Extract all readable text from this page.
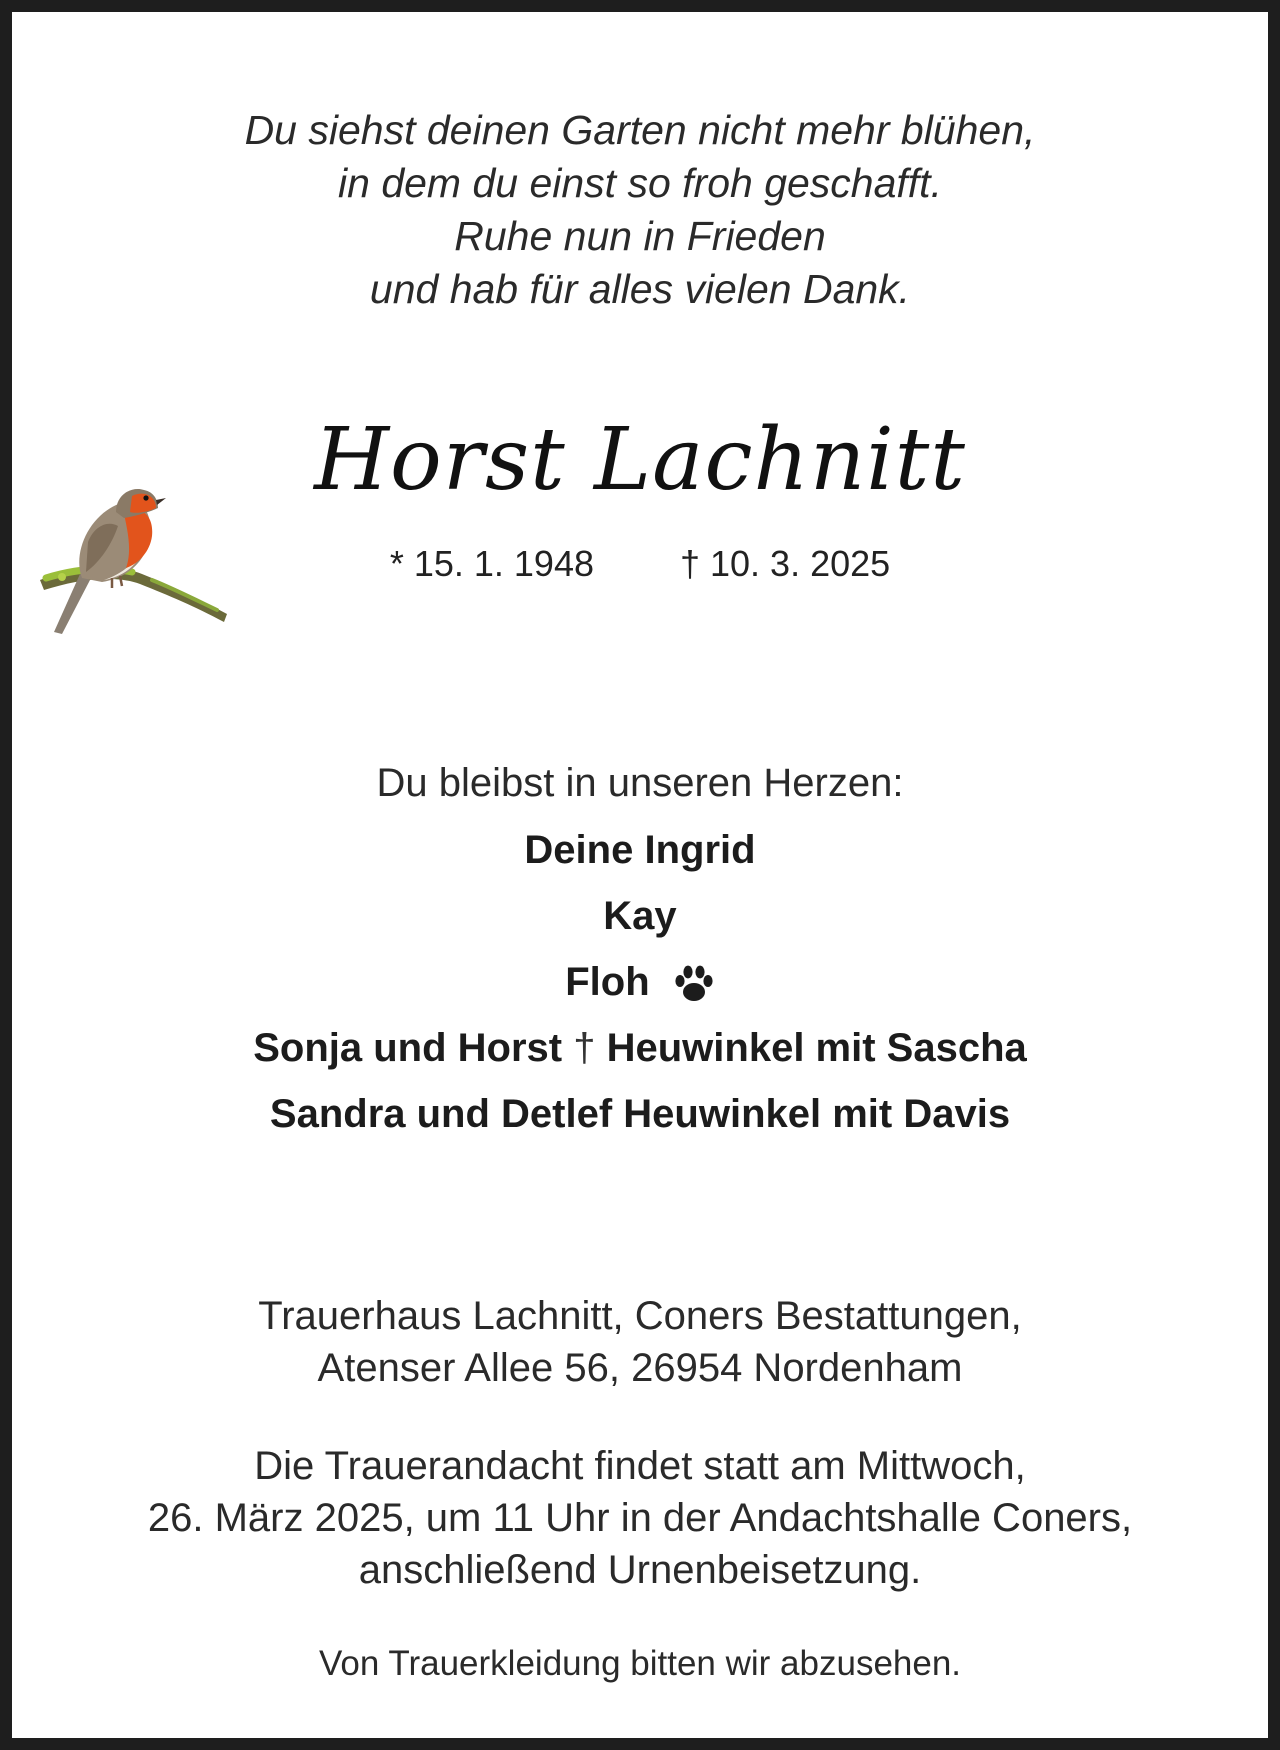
Du siehst deinen Garten nicht mehr blühen,
in dem du einst so froh geschafft.
Ruhe nun in Frieden
und hab für alles vielen Dank.
Horst Lachnitt
* 15. 1. 1948 † 10. 3. 2025
Du bleibst in unseren Herzen:
Deine Ingrid
Kay
Floh
Sonja und Horst † Heuwinkel mit Sascha
Sandra und Detlef Heuwinkel mit Davis
Trauerhaus Lachnitt, Coners Bestattungen,
Atenser Allee 56, 26954 Nordenham
Die Trauerandacht findet statt am Mittwoch,
26. März 2025, um 11 Uhr in der Andachtshalle Coners,
anschließend Urnenbeisetzung.
Von Trauerkleidung bitten wir abzusehen.
